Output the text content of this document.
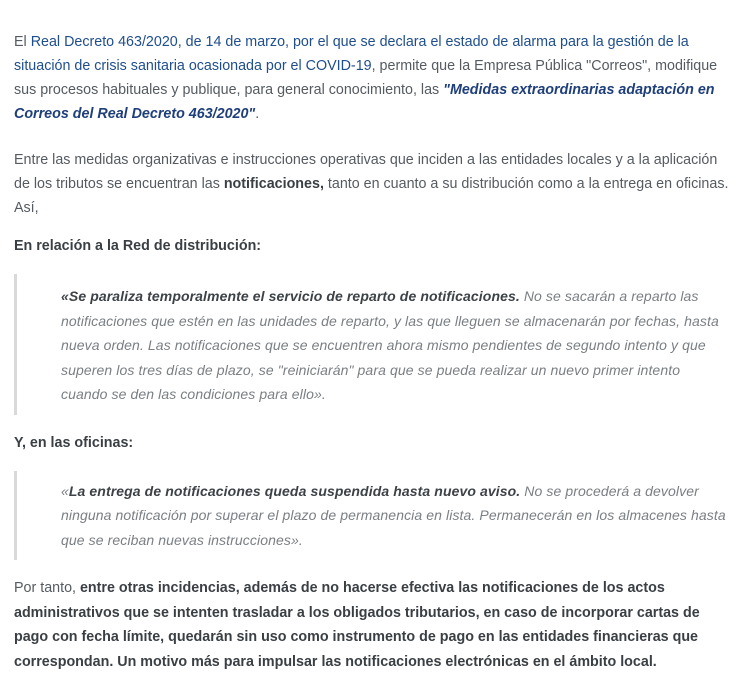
El Real Decreto 463/2020, de 14 de marzo, por el que se declara el estado de alarma para la gestión de la situación de crisis sanitaria ocasionada por el COVID-19, permite que la Empresa Pública "Correos", modifique sus procesos habituales y publique, para general conocimiento, las "Medidas extraordinarias adaptación en Correos del Real Decreto 463/2020".

Entre las medidas organizativas e instrucciones operativas que inciden a las entidades locales y a la aplicación de los tributos se encuentran las notificaciones, tanto en cuanto a su distribución como a la entrega en oficinas. Así,

En relación a la Red de distribución:

«Se paraliza temporalmente el servicio de reparto de notificaciones. No se sacarán a reparto las notificaciones que estén en las unidades de reparto, y las que lleguen se almacenarán por fechas, hasta nueva orden. Las notificaciones que se encuentren ahora mismo pendientes de segundo intento y que superen los tres días de plazo, se "reiniciarán" para que se pueda realizar un nuevo primer intento cuando se den las condiciones para ello».

Y, en las oficinas:

«La entrega de notificaciones queda suspendida hasta nuevo aviso. No se procederá a devolver ninguna notificación por superar el plazo de permanencia en lista. Permanecerán en los almacenes hasta que se reciban nuevas instrucciones».

Por tanto, entre otras incidencias, además de no hacerse efectiva las notificaciones de los actos administrativos que se intenten trasladar a los obligados tributarios, en caso de incorporar cartas de pago con fecha límite, quedarán sin uso como instrumento de pago en las entidades financieras que correspondan. Un motivo más para impulsar las notificaciones electrónicas en el ámbito local.
